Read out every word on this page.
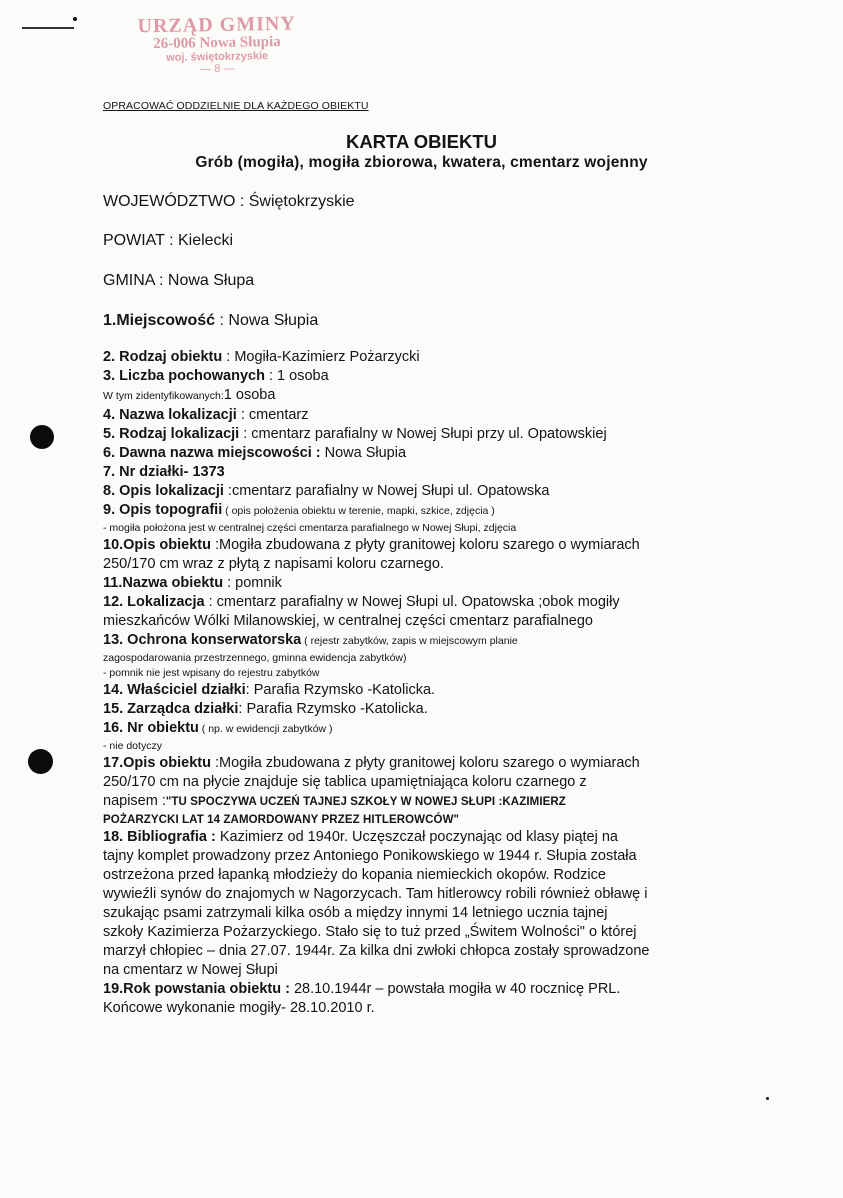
URZĄD GMINY
26-006 Nowa Słupia
woj. świętokrzyskie
— 8 —
OPRACOWAĆ ODDZIELNIE DLA KAŻDEGO OBIEKTU
KARTA OBIEKTU
Grób (mogiła), mogiła zbiorowa, kwatera, cmentarz wojenny
WOJEWÓDZTWO : Świętokrzyskie
POWIAT : Kielecki
GMINA : Nowa Słupa
1.Miejscowość : Nowa Słupia
2. Rodzaj obiektu : Mogiła-Kazimierz Pożarzycki
3. Liczba pochowanych : 1 osoba
W tym zidentyfikowanych:1 osoba
4. Nazwa lokalizacji : cmentarz
5. Rodzaj lokalizacji : cmentarz parafialny w Nowej Słupi przy ul. Opatowskiej
6. Dawna nazwa miejscowości : Nowa Słupia
7. Nr działki- 1373
8. Opis lokalizacji :cmentarz parafialny w Nowej Słupi ul. Opatowska
9. Opis topografii ( opis położenia obiektu w terenie, mapki, szkice, zdjęcia )
- mogiła położona jest w centralnej części cmentarza parafialnego w Nowej Słupi, zdjęcia
10.Opis obiektu :Mogiła zbudowana z płyty granitowej koloru szarego o wymiarach
250/170 cm wraz z płytą z napisami koloru czarnego.
11.Nazwa obiektu : pomnik
12. Lokalizacja : cmentarz parafialny w Nowej Słupi ul. Opatowska ;obok mogiły
mieszkańców Wólki Milanowskiej, w centralnej części cmentarz parafialnego
13. Ochrona konserwatorska ( rejestr zabytków, zapis w miejscowym planie
zagospodarowania przestrzennego, gminna ewidencja zabytków)
- pomnik nie jest wpisany do rejestru zabytków
14. Właściciel działki: Parafia Rzymsko -Katolicka.
15. Zarządca działki: Parafia Rzymsko -Katolicka.
16. Nr obiektu ( np. w ewidencji zabytków )
- nie dotyczy
17.Opis obiektu :Mogiła zbudowana z płyty granitowej koloru szarego o wymiarach
250/170 cm na płycie znajduje się tablica upamiętniająca koloru czarnego z
napisem :"TU SPOCZYWA UCZEŃ TAJNEJ SZKOŁY W NOWEJ SŁUPI :KAZIMIERZ
POŻARZYCKI LAT 14 ZAMORDOWANY PRZEZ HITLEROWCÓW"
18. Bibliografia : Kazimierz od 1940r. Uczęszczał poczynając od klasy piątej na
tajny komplet prowadzony przez Antoniego Ponikowskiego w 1944 r. Słupia została
ostrzeżona przed łapanką młodzieży do kopania niemieckich okopów. Rodzice
wywieźli synów do znajomych w Nagorzycach. Tam hitlerowcy robili również obławę i
szukając psami zatrzymali kilka osób a między innymi 14 letniego ucznia tajnej
szkoły Kazimierza Pożarzyckiego. Stało się to tuż przed „Świtem Wolności" o której
marzył chłopiec – dnia 27.07. 1944r. Za kilka dni zwłoki chłopca zostały sprowadzone
na cmentarz w Nowej Słupi
19.Rok powstania obiektu : 28.10.1944r – powstała mogiła w 40 rocznicę PRL.
Końcowe wykonanie mogiły- 28.10.2010 r.
